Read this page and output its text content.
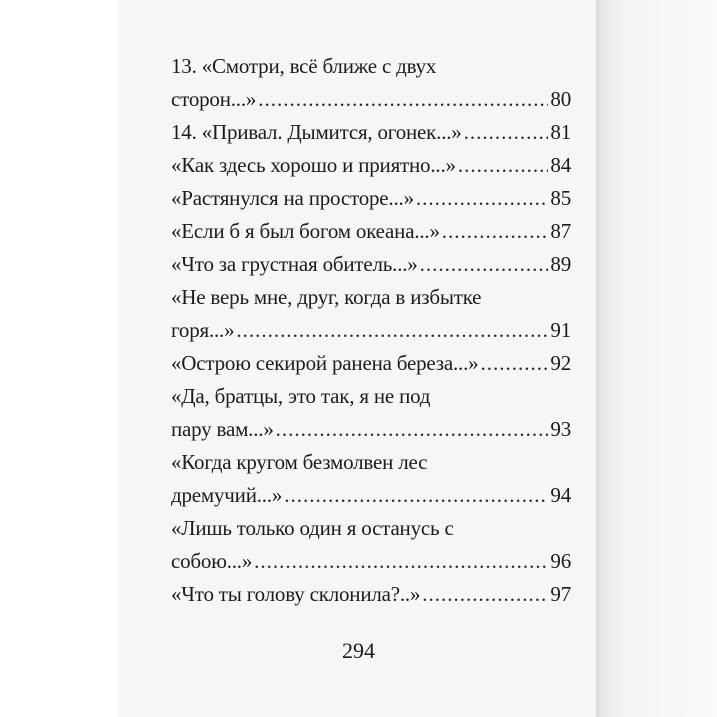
13. «Смотри, всё ближе с двух
сторон...» .....	80
14. «Привал. Дымится, огонек...» .....	81
«Как здесь хорошо и приятно...» .....	84
«Растянулся на просторе...» .....	85
«Если б я был богом океана...» .....	87
«Что за грустная обитель...» .....	89
«Не верь мне, друг, когда в избытке
горя...» .....	91
«Острою секирой ранена береза...» .....	92
«Да, братцы, это так, я не под
пару вам...» .....	93
«Когда кругом безмолвен лес
дремучий...» .....	94
«Лишь только один я останусь с
собою...» .....	96
«Что ты голову склонила?..» .....	97
294
